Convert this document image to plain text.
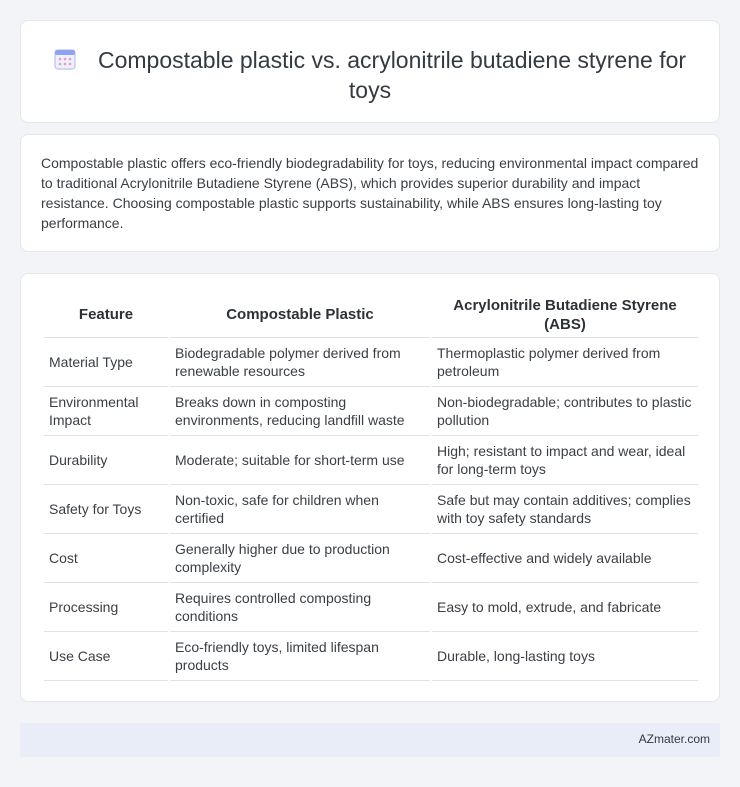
Compostable plastic vs. acrylonitrile butadiene styrene for toys

Compostable plastic offers eco-friendly biodegradability for toys, reducing environmental impact compared to traditional Acrylonitrile Butadiene Styrene (ABS), which provides superior durability and impact resistance. Choosing compostable plastic supports sustainability, while ABS ensures long-lasting toy performance.

Feature	Compostable Plastic	Acrylonitrile Butadiene Styrene (ABS)
Material Type	Biodegradable polymer derived from renewable resources	Thermoplastic polymer derived from petroleum
Environmental Impact	Breaks down in composting environments, reducing landfill waste	Non-biodegradable; contributes to plastic pollution
Durability	Moderate; suitable for short-term use	High; resistant to impact and wear, ideal for long-term toys
Safety for Toys	Non-toxic, safe for children when certified	Safe but may contain additives; complies with toy safety standards
Cost	Generally higher due to production complexity	Cost-effective and widely available
Processing	Requires controlled composting conditions	Easy to mold, extrude, and fabricate
Use Case	Eco-friendly toys, limited lifespan products	Durable, long-lasting toys
AZmater.com
